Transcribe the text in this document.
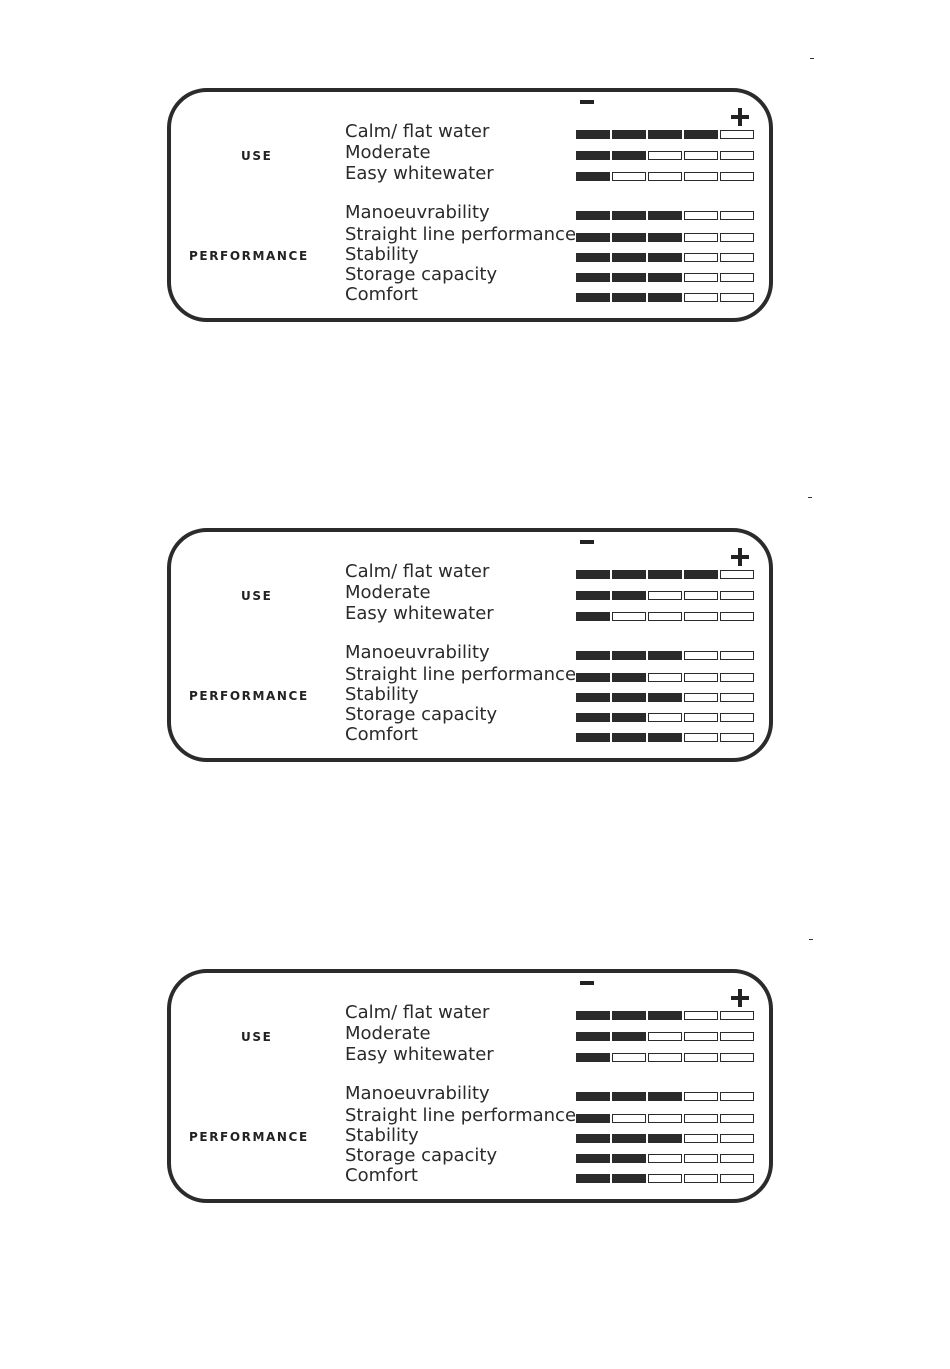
USE
PERFORMANCE
Calm/ flat water
Moderate
Easy whitewater
Manoeuvrability
Straight line performance
Stability
Storage capacity
Comfort
USE
PERFORMANCE
Calm/ flat water
Moderate
Easy whitewater
Manoeuvrability
Straight line performance
Stability
Storage capacity
Comfort
USE
PERFORMANCE
Calm/ flat water
Moderate
Easy whitewater
Manoeuvrability
Straight line performance
Stability
Storage capacity
Comfort
